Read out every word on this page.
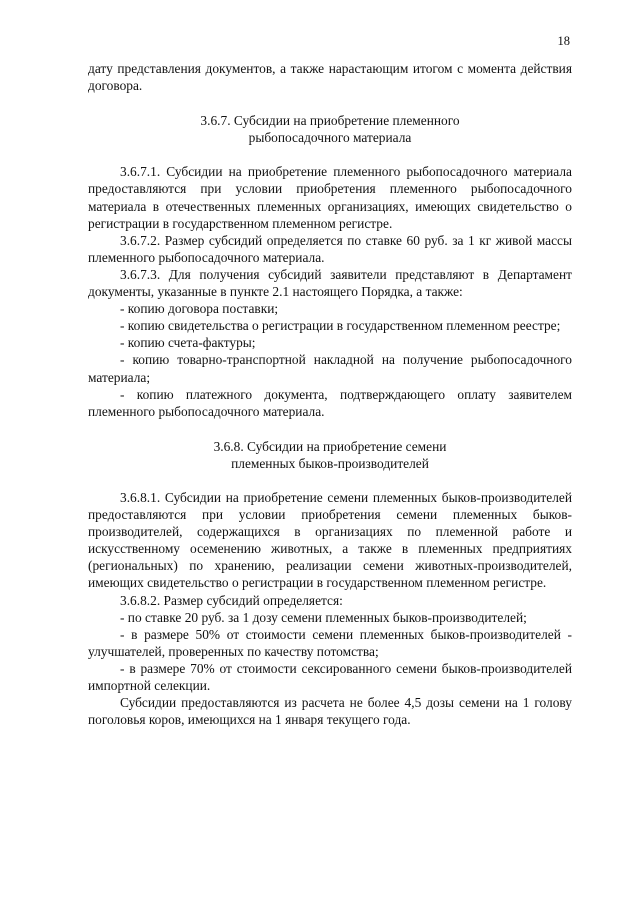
18

дату представления документов, а также нарастающим итогом с момента действия договора.

3.6.7. Субсидии на приобретение племенного
рыбопосадочного материала

3.6.7.1. Субсидии на приобретение племенного рыбопосадочного материала предоставляются при условии приобретения племенного рыбопосадочного материала в отечественных племенных организациях, имеющих свидетельство о регистрации в государственном племенном регистре.

3.6.7.2. Размер субсидий определяется по ставке 60 руб. за 1 кг живой массы племенного рыбопосадочного материала.

3.6.7.3. Для получения субсидий заявители представляют в Департамент документы, указанные в пункте 2.1 настоящего Порядка, а также:

- копию договора поставки;

- копию свидетельства о регистрации в государственном племенном реестре;

- копию счета-фактуры;

- копию товарно-транспортной накладной на получение рыбопосадочного материала;

- копию платежного документа, подтверждающего оплату заявителем племенного рыбопосадочного материала.

3.6.8. Субсидии на приобретение семени
племенных быков-производителей

3.6.8.1. Субсидии на приобретение семени племенных быков-производителей предоставляются при условии приобретения семени племенных быков-производителей, содержащихся в организациях по племенной работе и искусственному осеменению животных, а также в племенных предприятиях (региональных) по хранению, реализации семени животных-производителей, имеющих свидетельство о регистрации в государственном племенном регистре.

3.6.8.2. Размер субсидий определяется:

- по ставке 20 руб. за 1 дозу семени племенных быков-производителей;

- в размере 50% от стоимости семени племенных быков-производителей - улучшателей, проверенных по качеству потомства;

- в размере 70% от стоимости сексированного семени быков-производителей импортной селекции.

Субсидии предоставляются из расчета не более 4,5 дозы семени на 1 голову поголовья коров, имеющихся на 1 января текущего года.
